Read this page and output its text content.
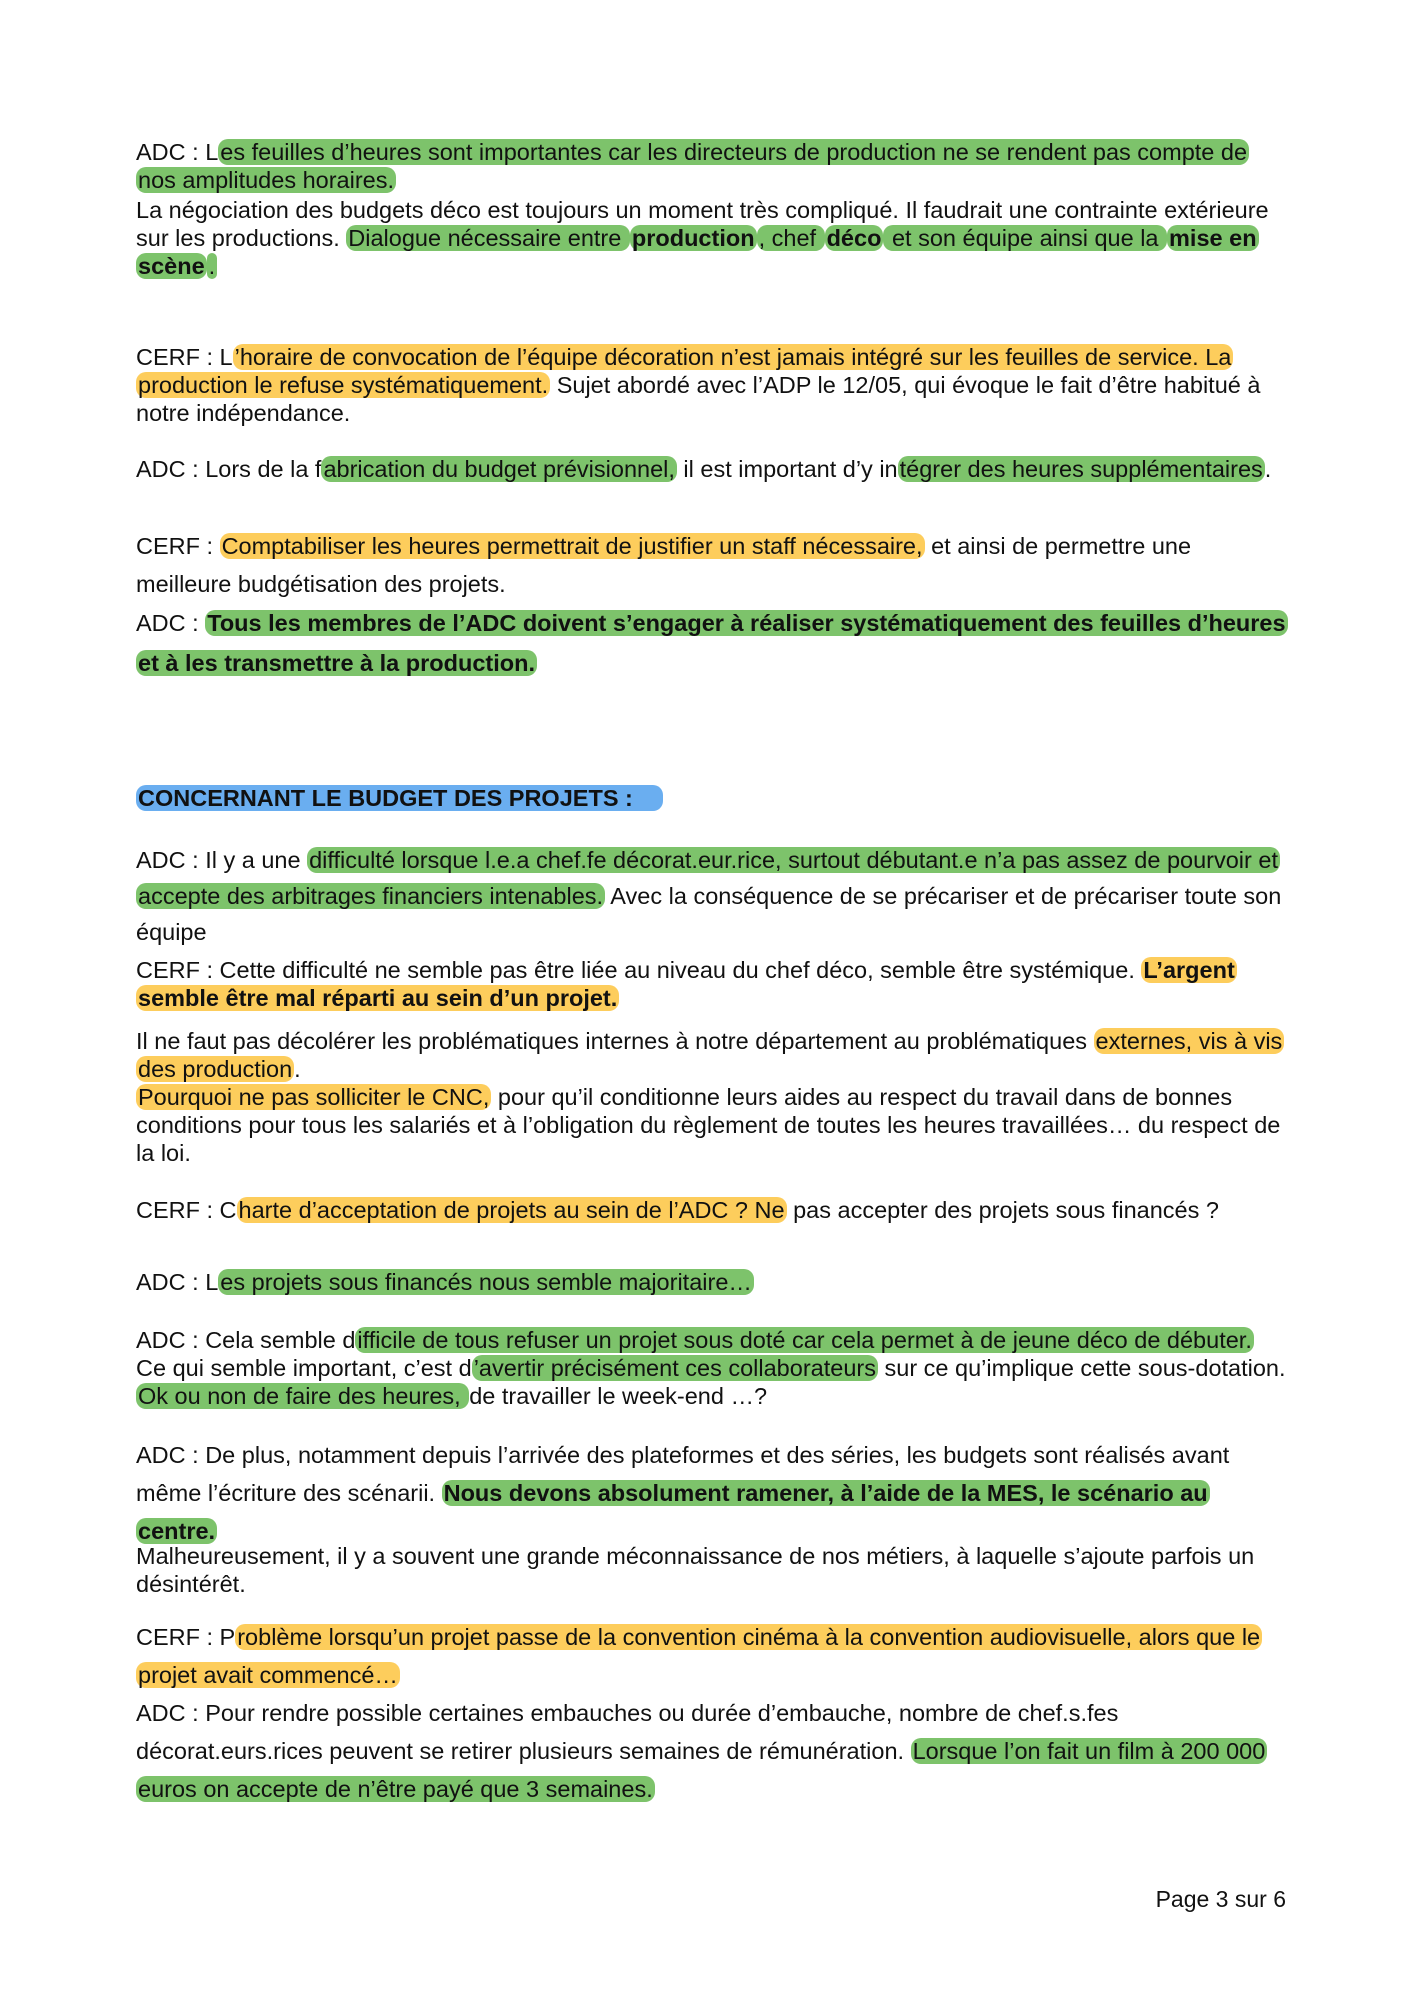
ADC : Les feuilles d’heures sont importantes car les directeurs de production ne se rendent pas compte de nos amplitudes horaires.

La négociation des budgets déco est toujours un moment très compliqué. Il faudrait une contrainte extérieure sur les productions. Dialogue nécessaire entre production , chef déco et son équipe ainsi que la mise en scène .

CERF : L’horaire de convocation de l’équipe décoration n’est jamais intégré sur les feuilles de service. La production le refuse systématiquement. Sujet abordé avec l’ADP le 12/05, qui évoque le fait d’être habitué à notre indépendance.

ADC : Lors de la fabrication du budget prévisionnel, il est important d’y intégrer des heures supplémentaires.

CERF : Comptabiliser les heures permettrait de justifier un staff nécessaire, et ainsi de permettre une meilleure budgétisation des projets.

ADC : Tous les membres de l’ADC doivent s’engager à réaliser systématiquement des feuilles d’heures et à les transmettre à la production.

CONCERNANT LE BUDGET DES PROJETS :

ADC : Il y a une difficulté lorsque l.e.a chef.fe décorat.eur.rice, surtout débutant.e n’a pas assez de pourvoir et accepte des arbitrages financiers intenables. Avec la conséquence de se précariser et de précariser toute son équipe

CERF : Cette difficulté ne semble pas être liée au niveau du chef déco, semble être systémique. L’argent semble être mal réparti au sein d’un projet.

Il ne faut pas décolérer les problématiques internes à notre département au problématiques externes, vis à vis des production.

Pourquoi ne pas solliciter le CNC, pour qu’il conditionne leurs aides au respect du travail dans de bonnes conditions pour tous les salariés et à l’obligation du règlement de toutes les heures travaillées… du respect de la loi.

CERF : Charte d’acceptation de projets au sein de l’ADC ? Ne pas accepter des projets sous financés ?

ADC : Les projets sous financés nous semble majoritaire…

ADC : Cela semble difficile de tous refuser un projet sous doté car cela permet à de jeune déco de débuter. Ce qui semble important, c’est d’avertir précisément ces collaborateurs sur ce qu’implique cette sous-dotation. Ok ou non de faire des heures, de travailler le week-end …?

ADC : De plus, notamment depuis l’arrivée des plateformes et des séries, les budgets sont réalisés avant même l’écriture des scénarii. Nous devons absolument ramener, à l’aide de la MES, le scénario au centre.

Malheureusement, il y a souvent une grande méconnaissance de nos métiers, à laquelle s’ajoute parfois un désintérêt.

CERF : Problème lorsqu’un projet passe de la convention cinéma à la convention audiovisuelle, alors que le projet avait commencé…

ADC : Pour rendre possible certaines embauches ou durée d’embauche, nombre de chef.s.fes décorat.eurs.rices peuvent se retirer plusieurs semaines de rémunération. Lorsque l’on fait un film à 200 000 euros on accepte de n’être payé que 3 semaines.

Page 3 sur 6
